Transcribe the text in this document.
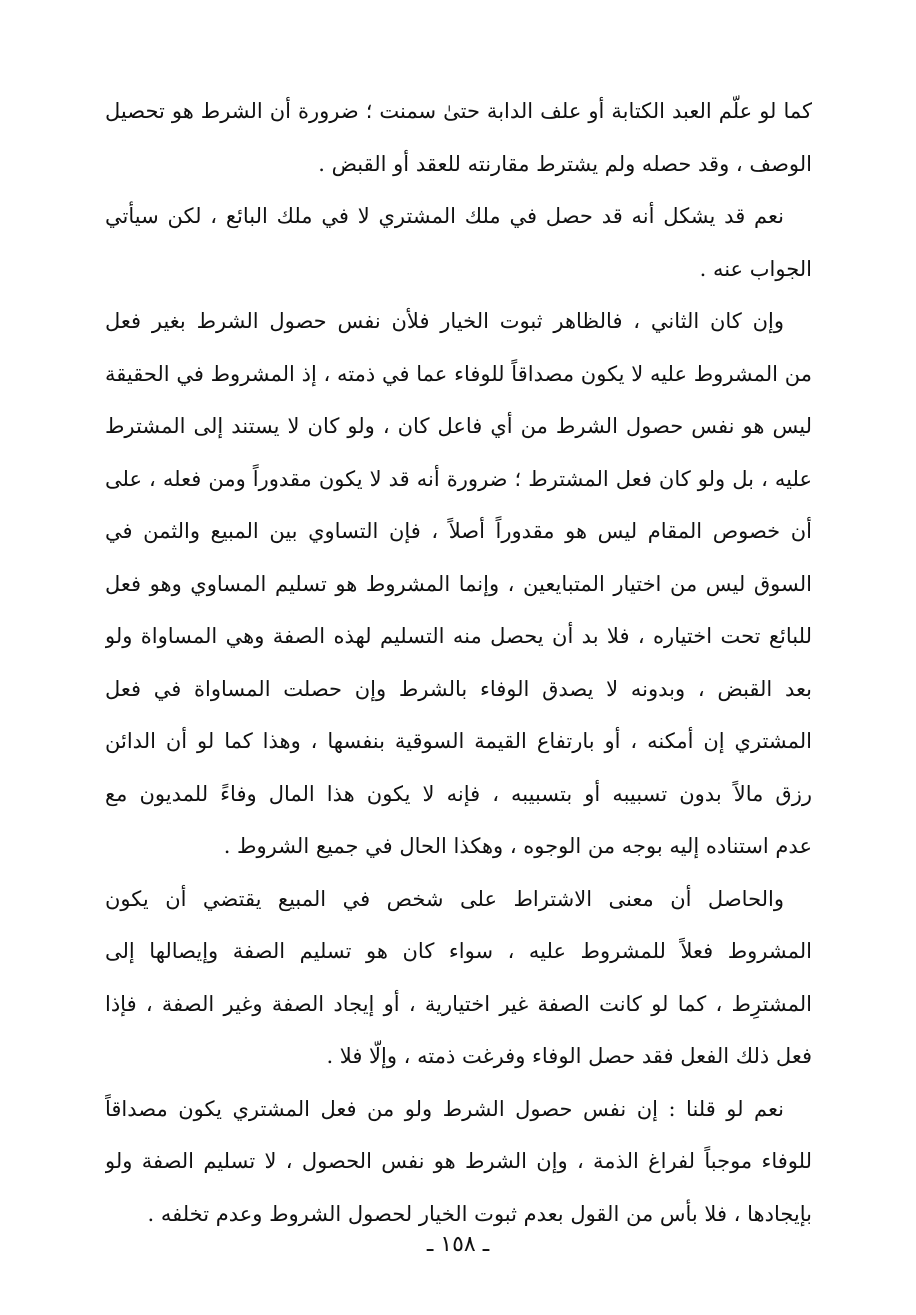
كما لو علّم العبد الكتابة أو علف الدابة حتىٰ سمنت ؛ ضرورة أن الشرط هو تحصيل
الوصف ، وقد حصله ولم يشترط مقارنته للعقد أو القبض .
نعم قد يشكل أنه قد حصل في ملك المشتري لا في ملك البائع ، لكن سيأتي
الجواب عنه .
وإن كان الثاني ، فالظاهر ثبوت الخيار فلأن نفس حصول الشرط بغير فعل
من المشروط عليه لا يكون مصداقاً للوفاء عما في ذمته ، إذ المشروط في الحقيقة
ليس هو نفس حصول الشرط من أي فاعل كان ، ولو كان لا يستند إلى المشترط
عليه ، بل ولو كان فعل المشترط ؛ ضرورة أنه قد لا يكون مقدوراً ومن فعله ، على
أن خصوص المقام ليس هو مقدوراً أصلاً ، فإن التساوي بين المبيع والثمن في
السوق ليس من اختيار المتبايعين ، وإنما المشروط هو تسليم المساوي وهو فعل
للبائع تحت اختياره ، فلا بد أن يحصل منه التسليم لهذه الصفة وهي المساواة ولو
بعد القبض ، وبدونه لا يصدق الوفاء بالشرط وإن حصلت المساواة في فعل
المشتري إن أمكنه ، أو بارتفاع القيمة السوقية بنفسها ، وهذا كما لو أن الدائن
رزق مالاً بدون تسبيبه أو بتسبيبه ، فإنه لا يكون هذا المال وفاءً للمديون مع
عدم استناده إليه بوجه من الوجوه ، وهكذا الحال في جميع الشروط .
والحاصل أن معنى الاشتراط على شخص في المبيع يقتضي أن يكون
المشروط فعلاً للمشروط عليه ، سواء كان هو تسليم الصفة وإيصالها إلى
المشترِط ، كما لو كانت الصفة غير اختيارية ، أو إيجاد الصفة وغير الصفة ، فإذا
فعل ذلك الفعل فقد حصل الوفاء وفرغت ذمته ، وإلّا فلا .
نعم لو قلنا : إن نفس حصول الشرط ولو من فعل المشتري يكون مصداقاً
للوفاء موجباً لفراغ الذمة ، وإن الشرط هو نفس الحصول ، لا تسليم الصفة ولو
بإيجادها ، فلا بأس من القول بعدم ثبوت الخيار لحصول الشروط وعدم تخلفه .
ـ ١٥٨ ـ
